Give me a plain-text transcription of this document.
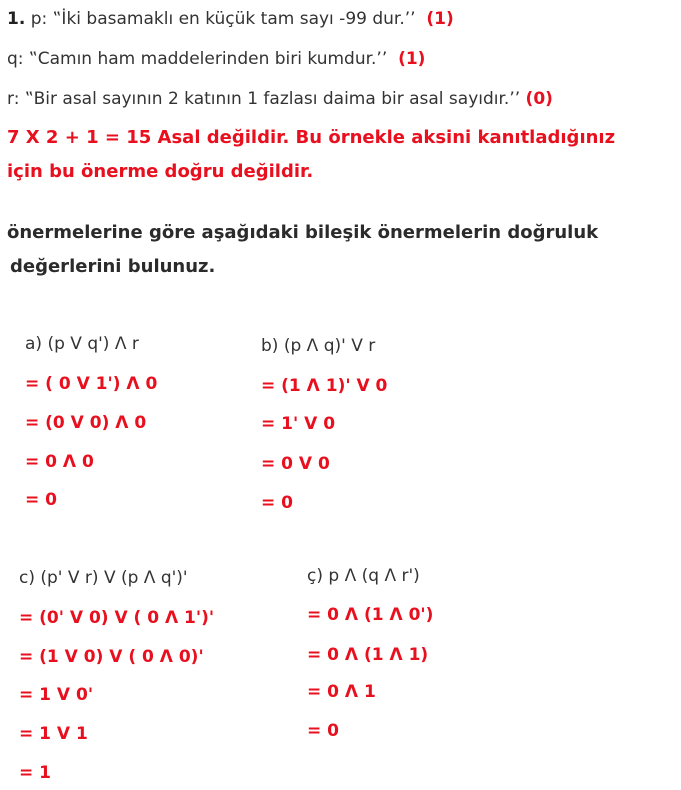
1. p: ‟İki basamaklı en küçük tam sayı -99 dur.’’ (1)
q: ‟Camın ham maddelerinden biri kumdur.’’ (1)
r: ‟Bir asal sayının 2 katının 1 fazlası daima bir asal sayıdır.’’ (0)
7 X 2 + 1 = 15 Asal değildir. Bu örnekle aksini kanıtladığınız
için bu önerme doğru değildir.
önermelerine göre aşağıdaki bileşik önermelerin doğruluk
değerlerini bulunuz.
a) (p V q') Λ r
= ( 0 V 1') Λ 0
= (0 V 0) Λ 0
= 0 Λ 0
= 0
b) (p Λ q)' V r
= (1 Λ 1)' V 0
= 1' V 0
= 0 V 0
= 0
c) (p' V r) V (p Λ q')'
= (0' V 0) V ( 0 Λ 1')'
= (1 V 0) V ( 0 Λ 0)'
= 1 V 0'
= 1 V 1
= 1
ç) p Λ (q Λ r')
= 0 Λ (1 Λ 0')
= 0 Λ (1 Λ 1)
= 0 Λ 1
= 0
